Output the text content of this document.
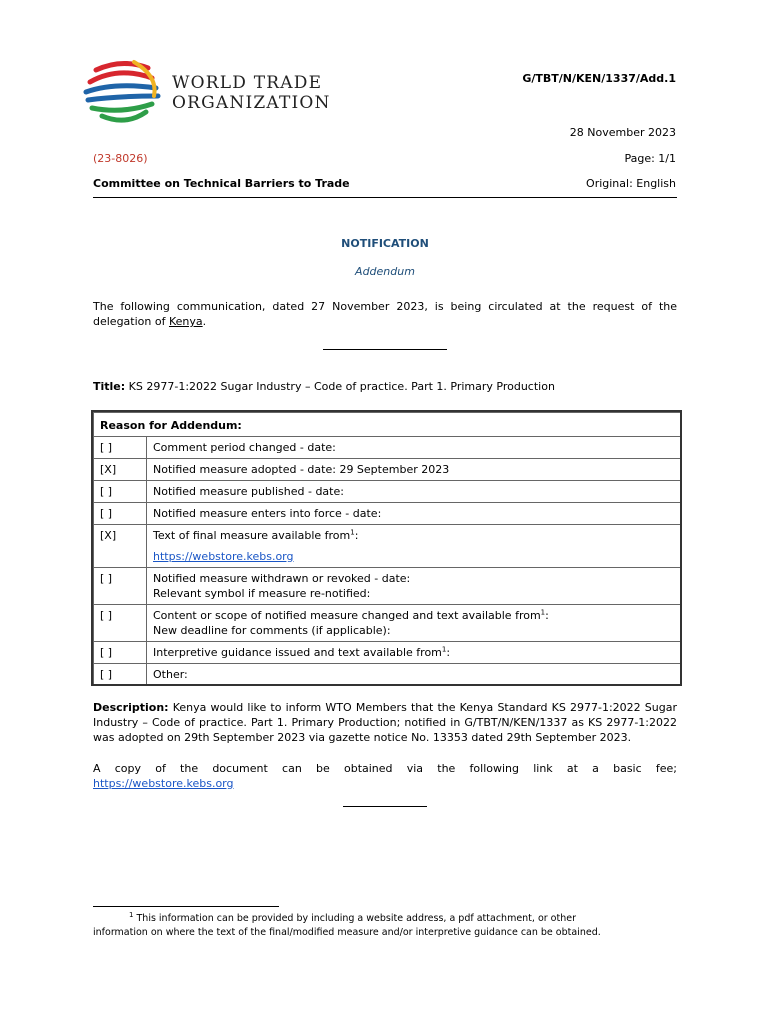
WORLD TRADE
ORGANIZATION
G/TBT/N/KEN/1337/Add.1
28 November 2023
(23-8026)	Page: 1/1
Committee on Technical Barriers to Trade	Original: English
NOTIFICATION
Addendum
The following communication, dated 27 November 2023, is being circulated at the request of the delegation of Kenya.
Title: KS 2977-1:2022 Sugar Industry – Code of practice. Part 1. Primary Production
Reason for Addendum:	
[ ]	Comment period changed - date:

[X]	Notified measure adopted - date: 29 September 2023

[ ]	Notified measure published - date:

[ ]	Notified measure enters into force - date:

[X]	Text of final measure available from$^1$:
https://webstore.kebs.org

[ ]	Notified measure withdrawn or revoked - date:
Relevant symbol if measure re-notified:

[ ]	Content or scope of notified measure changed and text available from$^1$:
New deadline for comments (if applicable):

[ ]	Interpretive guidance issued and text available from$^1$:

[ ]	Other:
Description: Kenya would like to inform WTO Members that the Kenya Standard KS 2977-1:2022 Sugar Industry – Code of practice. Part 1. Primary Production; notified in G/TBT/N/KEN/1337 as KS 2977-1:2022 was adopted on 29th September 2023 via gazette notice No. 13353 dated 29th September 2023.
A copy of the document can be obtained via the following link at a basic fee;
https://webstore.kebs.org
$^1$ This information can be provided by including a website address, a pdf attachment, or other
information on where the text of the final/modified measure and/or interpretive guidance can be obtained.
